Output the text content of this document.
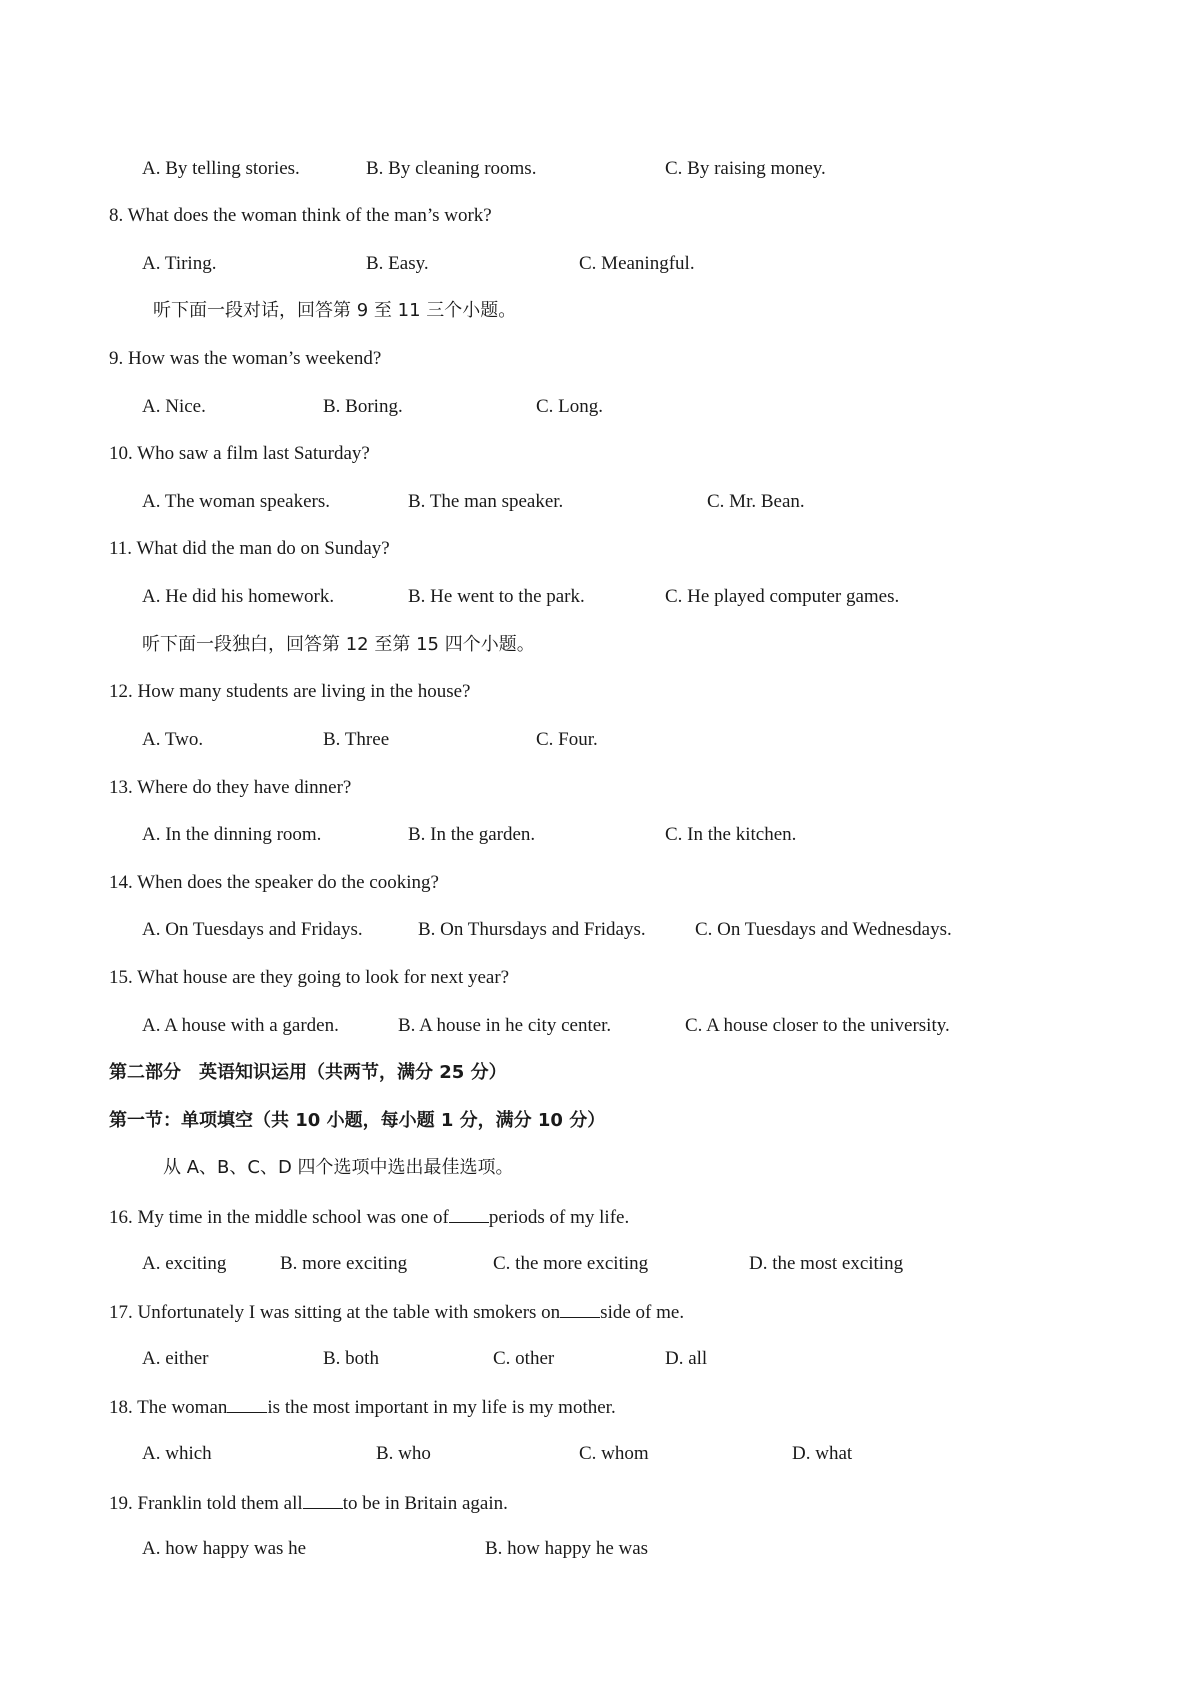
A. By telling stories.	B. By cleaning rooms.	C. By raising money.
8. What does the woman think of the man’s work?
A. Tiring.	B. Easy.	C. Meaningful.
听下面一段对话，回答第 9 至 11 三个小题。
9. How was the woman’s weekend?
A. Nice.	B. Boring.	C. Long.
10. Who saw a film last Saturday?
A. The woman speakers.	B. The man speaker.	C. Mr. Bean.
11. What did the man do on Sunday?
A. He did his homework.	B. He went to the park.	C. He played computer games.
听下面一段独白，回答第 12 至第 15 四个小题。
12. How many students are living in the house?
A. Two.	B. Three	C. Four.
13. Where do they have dinner?
A. In the dinning room.	B. In the garden.	C. In the kitchen.
14. When does the speaker do the cooking?
A. On Tuesdays and Fridays.	B. On Thursdays and Fridays.	C. On Tuesdays and Wednesdays.
15. What house are they going to look for next year?
A. A house with a garden.	B. A house in he city center.	C. A house closer to the university.
第二部分　英语知识运用（共两节，满分 25 分）
第一节：单项填空（共 10 小题，每小题 1 分，满分 10 分）
从 A、B、C、D 四个选项中选出最佳选项。
16. My time in the middle school was one of periods of my life.
A. exciting	B. more exciting	C. the more exciting	D. the most exciting
17. Unfortunately I was sitting at the table with smokers on side of me.
A. either	B. both	C. other	D. all
18. The woman is the most important in my life is my mother.
A. which	B. who	C. whom	D. what
19. Franklin told them all to be in Britain again.
A. how happy was he	B. how happy he was
